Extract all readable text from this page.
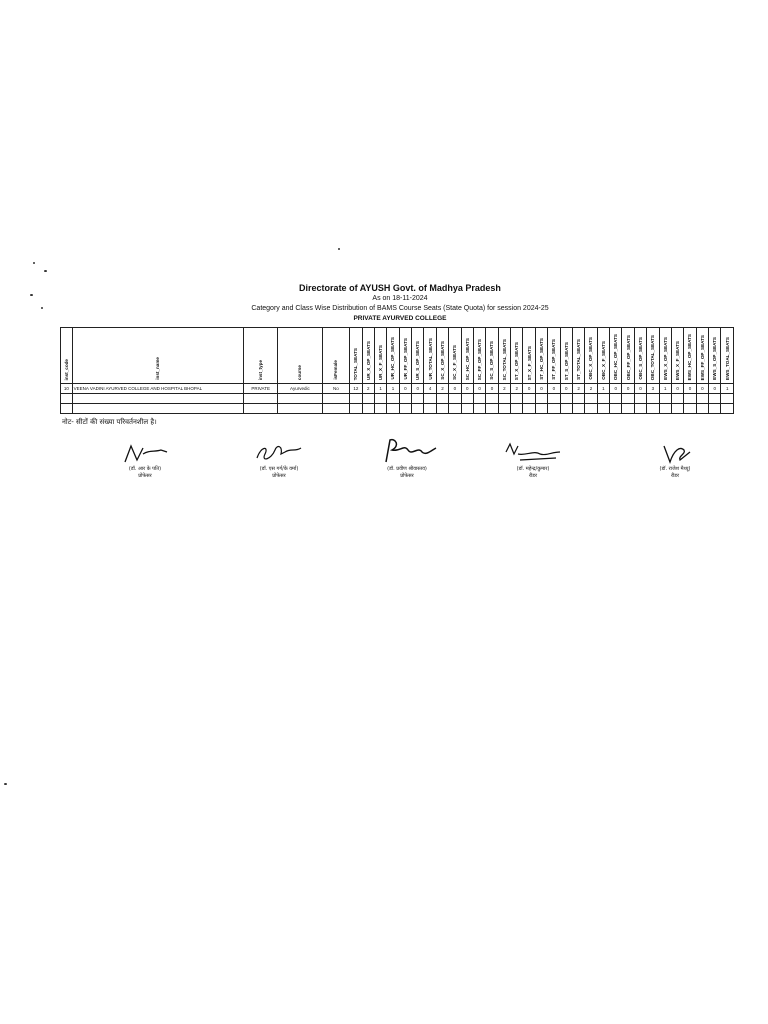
Directorate of AYUSH Govt. of Madhya Pradesh
As on 18-11-2024
Category and Class Wise Distribution of BAMS Course Seats (State Quota) for session 2024-25
PRIVATE AYURVED COLLEGE
inst_code	inst_name	inst_type	course	isFemale	TOTAL_SEATS	UR_X_OP_SEATS	UR_X_F_SEATS	UR_HC_OP_SEATS	UR_FF_OP_SEATS	UR_S_OP_SEATS	UR_TOTAL_SEATS	SC_X_OP_SEATS	SC_X_F_SEATS	SC_HC_OP_SEATS	SC_FF_OP_SEATS	SC_S_OP_SEATS	SC_TOTAL_SEATS	ST_X_OP_SEATS	ST_X_F_SEATS	ST_HC_OP_SEATS	ST_FF_OP_SEATS	ST_S_OP_SEATS	ST_TOTAL_SEATS	OBC_X_OP_SEATS	OBC_X_F_SEATS	OBC_HC_OP_SEATS	OBC_FF_OP_SEATS	OBC_S_OP_SEATS	OBC_TOTAL_SEATS	EWS_X_OP_SEATS	EWS_X_F_SEATS	EWS_HC_OP_SEATS	EWS_FF_OP_SEATS	EWS_S_OP_SEATS	EWS_TOAL_SEATS
10	VEENA VADINI AYURVED COLLEGE AND HOSPITAL BHOPAL	PRIVATE	Ayurvedic	No	12	2	1	1	0	0	4	2	0	0	0	0	2	2	0	0	0	0	2	2	1	0	0	0	3	1	0	0	0	0	1

नोट- सीटों की संख्या परिवर्तनशील है।
(डॉ. आर के पति)
प्रोफेसर
(डॉ. एस गर्ग/के वर्मा)
प्रोफेसर
(डॉ. प्रवीण श्रीवास्तव)
प्रोफेसर
(डॉ. महेन्द्र/कुमार)
रीडर
(डॉ. राजेश मैथ्यू)
रीडर
